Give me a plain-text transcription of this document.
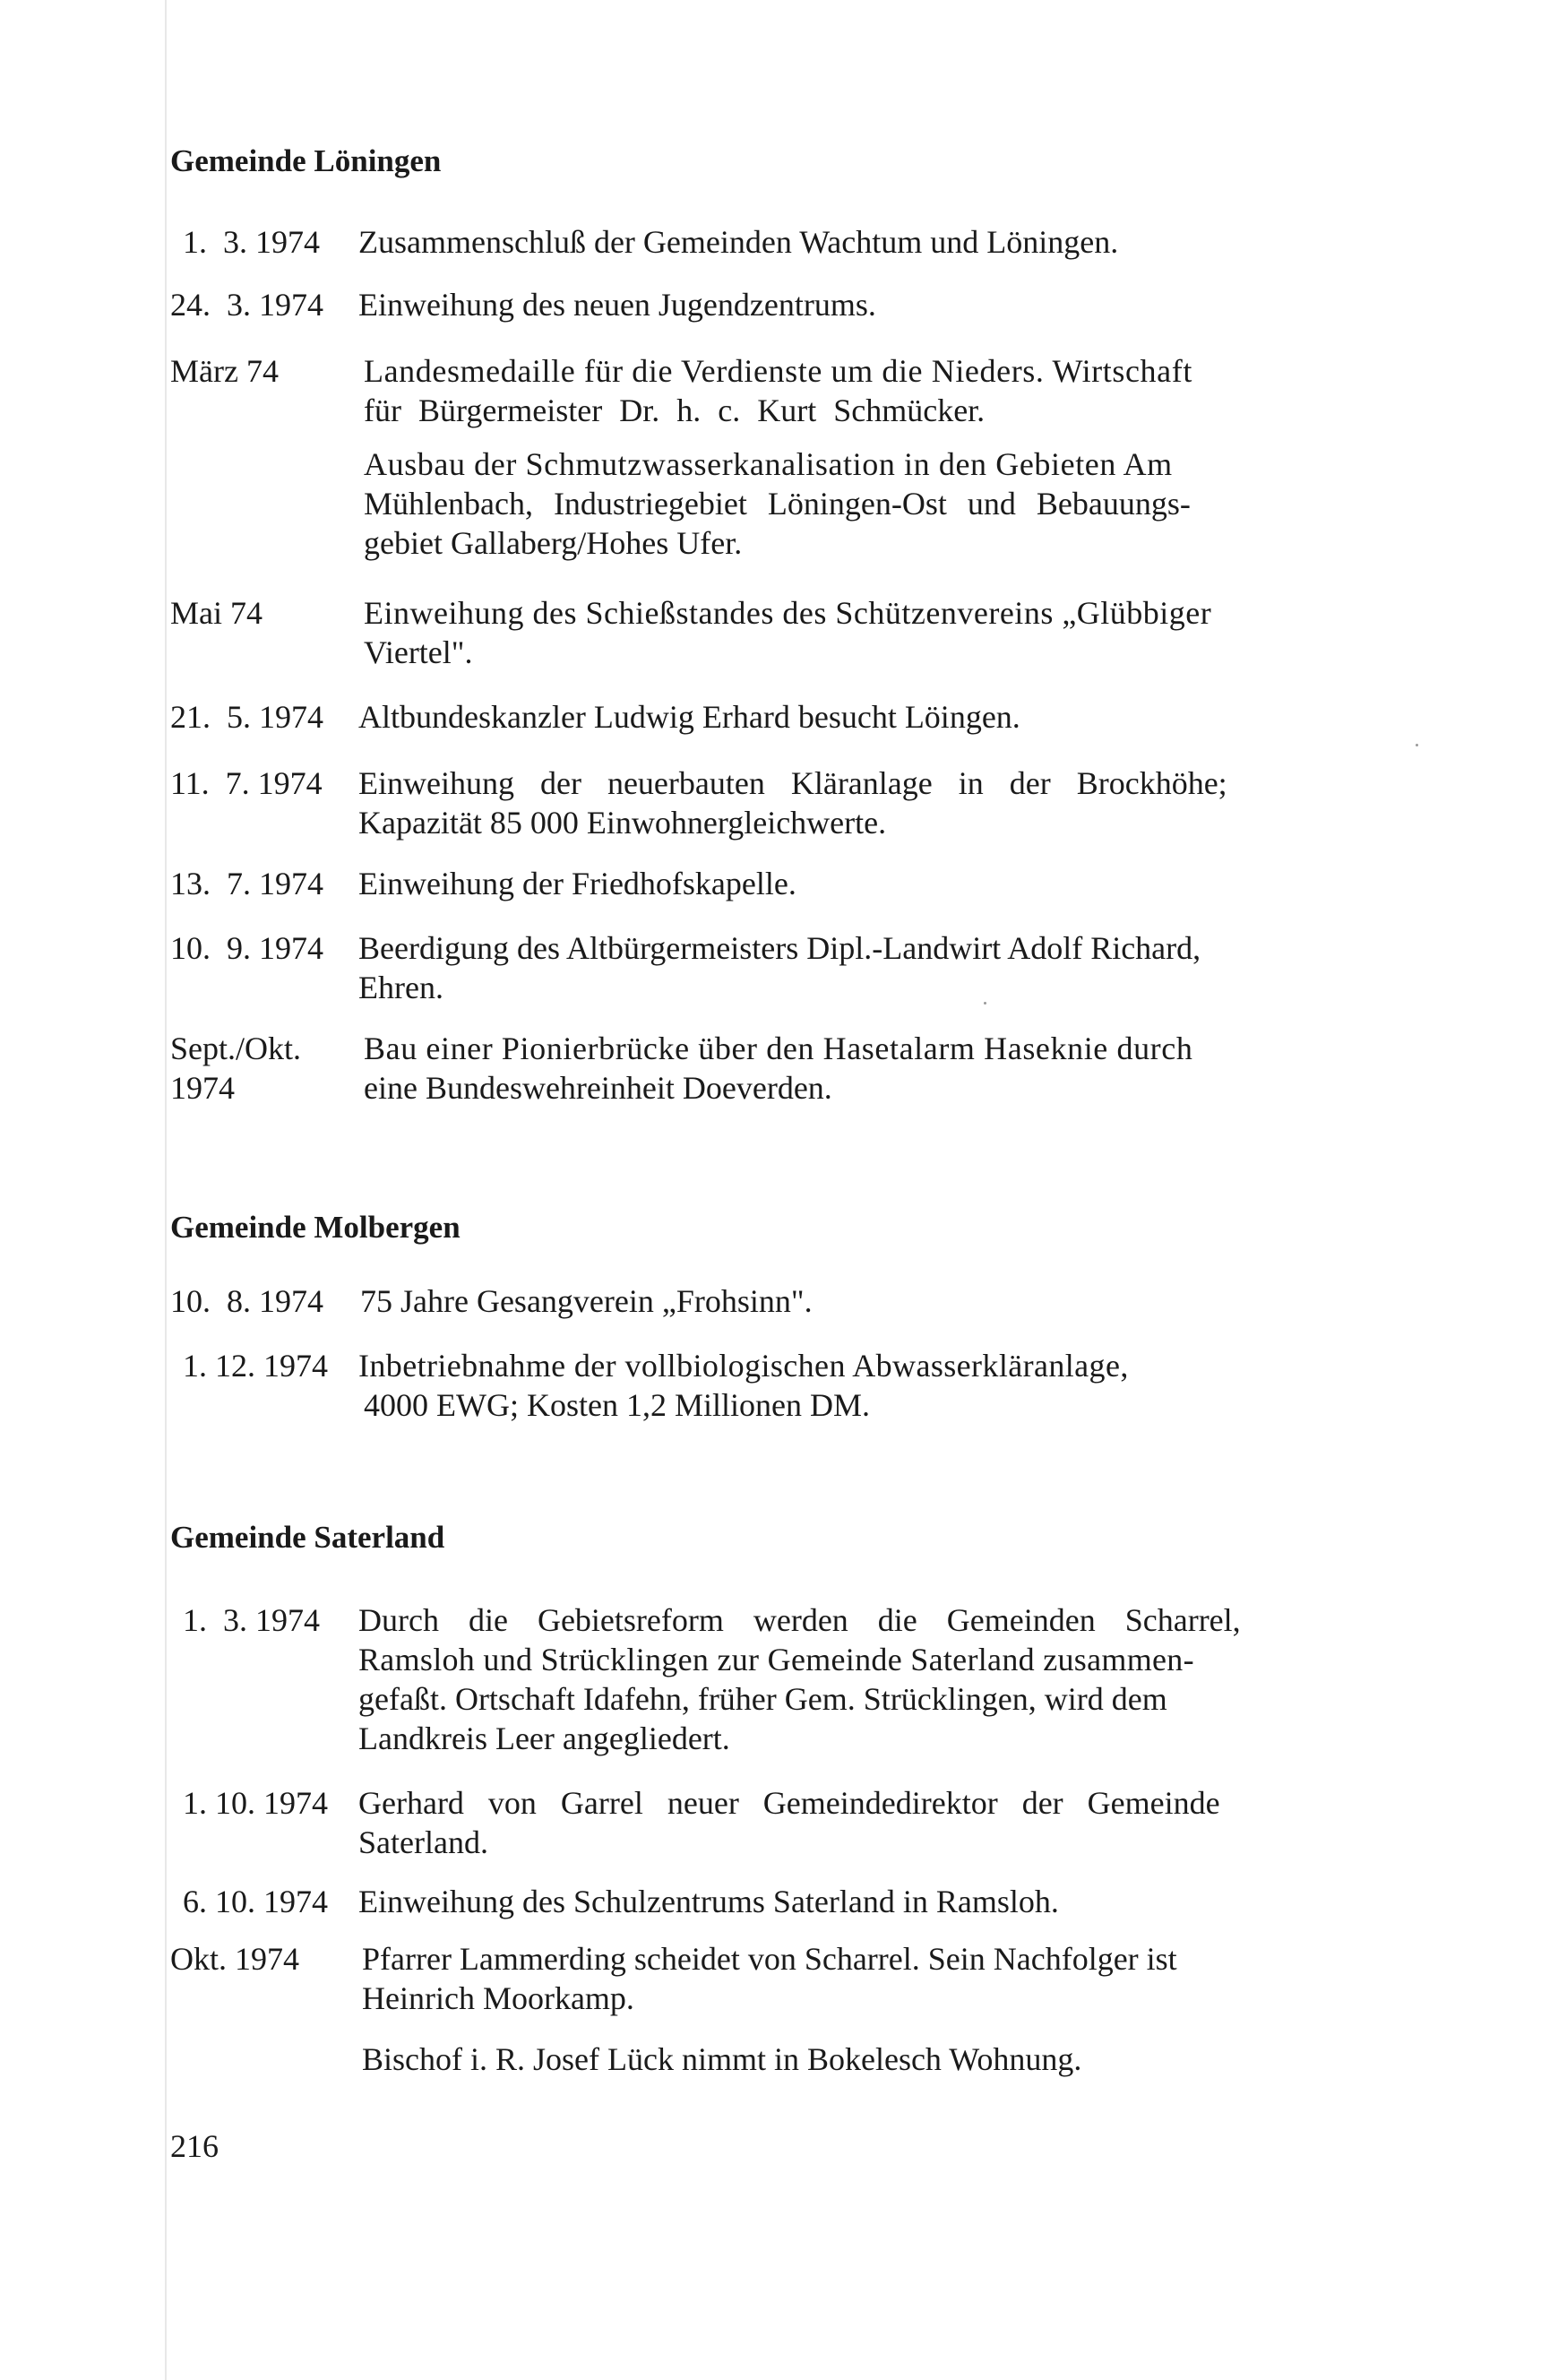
Gemeinde Löningen
1.  3. 1974 Zusammenschluß der Gemeinden Wachtum und Löningen.
24.  3. 1974 Einweihung des neuen Jugendzentrums.
März 74	Landesmedaille für die Verdienste um die Nieders. Wirtschaft
für Bürgermeister Dr. h. c. Kurt Schmücker.
Ausbau der Schmutzwasserkanalisation in den Gebieten Am
Mühlenbach, Industriegebiet Löningen-Ost und Bebauungs-
gebiet Gallaberg/Hohes Ufer.
Mai 74	Einweihung des Schießstandes des Schützenvereins „Glübbiger
Viertel".
21.  5. 1974 Altbundeskanzler Ludwig Erhard besucht Löingen.
11.  7. 1974 Einweihung der neuerbauten Kläranlage in der Brockhöhe;
Kapazität 85 000 Einwohnergleichwerte.
13.  7. 1974 Einweihung der Friedhofskapelle.
10.  9. 1974 Beerdigung des Altbürgermeisters Dipl.-Landwirt Adolf Richard,
Ehren.
Sept./Okt.
1974
Bau einer Pionierbrücke über den Hasetalarm Haseknie durch
eine Bundeswehreinheit Doeverden.
Gemeinde Molbergen
10.  8. 1974 75 Jahre Gesangverein „Frohsinn".
1. 12. 1974 Inbetriebnahme der vollbiologischen Abwasserkläranlage,
4000 EWG; Kosten 1,2 Millionen DM.
Gemeinde Saterland
1.  3. 1974 Durch die Gebietsreform werden die Gemeinden Scharrel,
Ramsloh und Strücklingen zur Gemeinde Saterland zusammen-
gefaßt. Ortschaft Idafehn, früher Gem. Strücklingen, wird dem
Landkreis Leer angegliedert.
1. 10. 1974 Gerhard von Garrel neuer Gemeindedirektor der Gemeinde
Saterland.
6. 10. 1974 Einweihung des Schulzentrums Saterland in Ramsloh.
Okt. 1974 Pfarrer Lammerding scheidet von Scharrel. Sein Nachfolger ist
Heinrich Moorkamp.
Bischof i. R. Josef Lück nimmt in Bokelesch Wohnung.
216
